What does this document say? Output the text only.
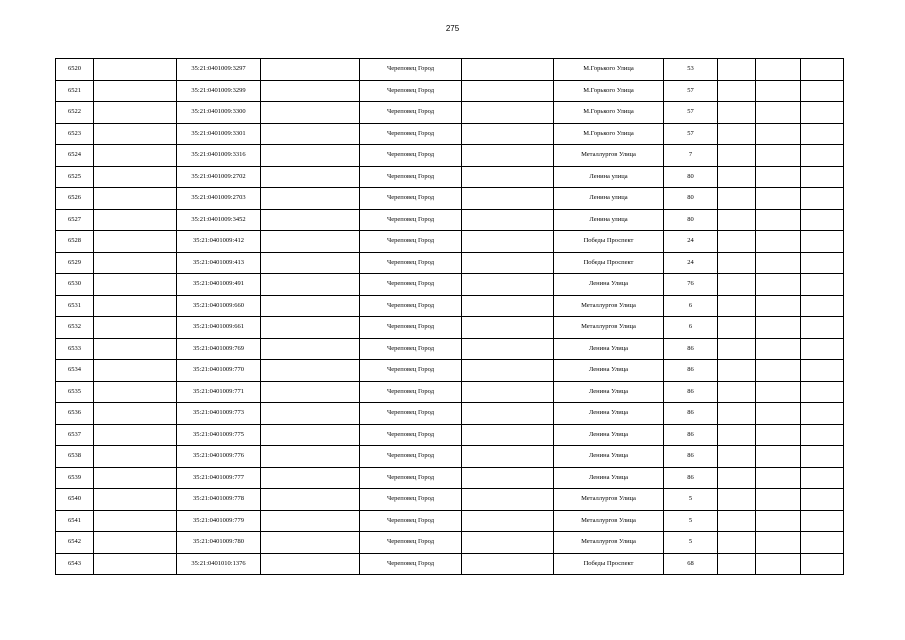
275
6520		35:21:0401009:3297		Череповец Город		М.Горького Улица	53			
6521		35:21:0401009:3299		Череповец Город		М.Горького Улица	57			
6522		35:21:0401009:3300		Череповец Город		М.Горького Улица	57			
6523		35:21:0401009:3301		Череповец Город		М.Горького Улица	57			
6524		35:21:0401009:3316		Череповец Город		Металлургов Улица	7			
6525		35:21:0401009:2702		Череповец Город		Ленина улица	80			
6526		35:21:0401009:2703		Череповец Город		Ленина улица	80			
6527		35:21:0401009:3452		Череповец Город		Ленина улица	80			
6528		35:21:0401009:412		Череповец Город		Победы Проспект	24			
6529		35:21:0401009:413		Череповец Город		Победы Проспект	24			
6530		35:21:0401009:491		Череповец Город		Ленина Улица	76			
6531		35:21:0401009:660		Череповец Город		Металлургов Улица	6			
6532		35:21:0401009:661		Череповец Город		Металлургов Улица	6			
6533		35:21:0401009:769		Череповец Город		Ленина Улица	86			
6534		35:21:0401009:770		Череповец Город		Ленина Улица	86			
6535		35:21:0401009:771		Череповец Город		Ленина Улица	86			
6536		35:21:0401009:773		Череповец Город		Ленина Улица	86			
6537		35:21:0401009:775		Череповец Город		Ленина Улица	86			
6538		35:21:0401009:776		Череповец Город		Ленина Улица	86			
6539		35:21:0401009:777		Череповец Город		Ленина Улица	86			
6540		35:21:0401009:778		Череповец Город		Металлургов Улица	5			
6541		35:21:0401009:779		Череповец Город		Металлургов Улица	5			
6542		35:21:0401009:780		Череповец Город		Металлургов Улица	5			
6543		35:21:0401010:1376		Череповец Город		Победы Проспект	68			
